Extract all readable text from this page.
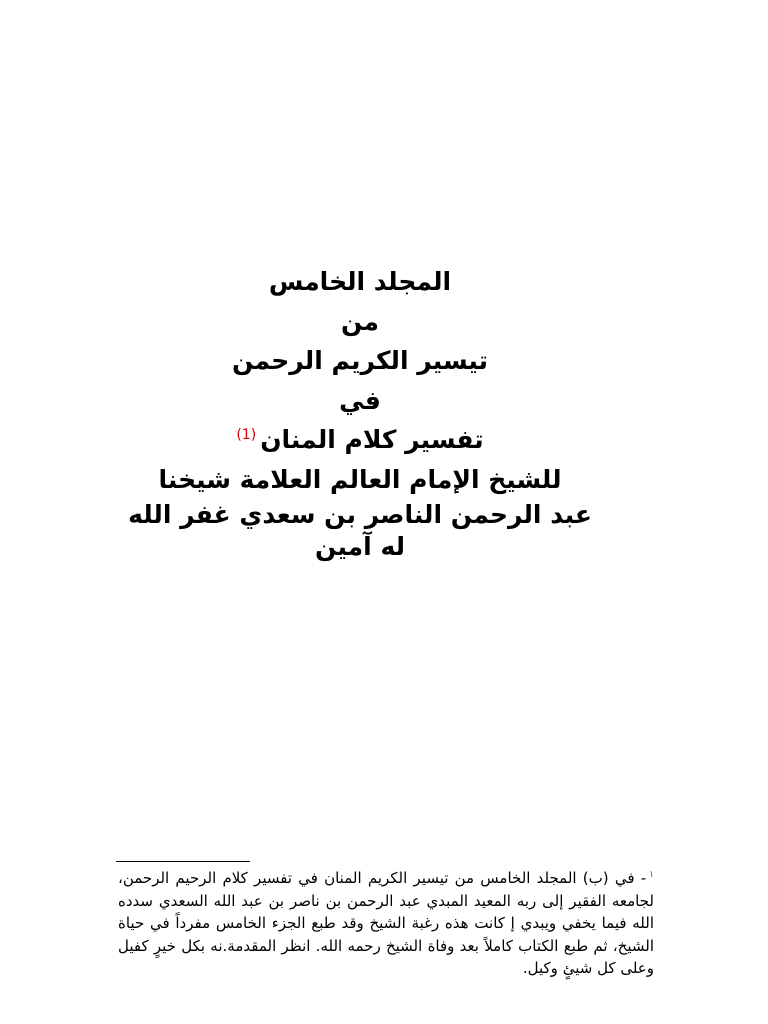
المجلد الخامس

من

تيسير الكريم الرحمن

في

تفسير كلام المنان$^{(1)}$

للشيخ الإمام العالم العلامة شيخنا

عبد الرحمن الناصر بن سعدي غفر الله له آمين

$^١$- في (ب) المجلد الخامس من تيسير الكريم المنان في تفسير كلام الرحيم الرحمن، لجامعه الفقير إلى ربه المعيد المبدي عبد الرحمن بن ناصر بن عبد الله السعدي سدده الله فيما يخفي ويبدي إ كانت هذه رغبة الشيخ وقد طبع الجزء الخامس مفرداً في حياة الشيخ، ثم طبع الكتاب كاملاً بعد وفاة الشيخ رحمه الله. انظر المقدمة.نه بكل خيرٍ كفيل وعلى كل شيئٍ وكيل.
